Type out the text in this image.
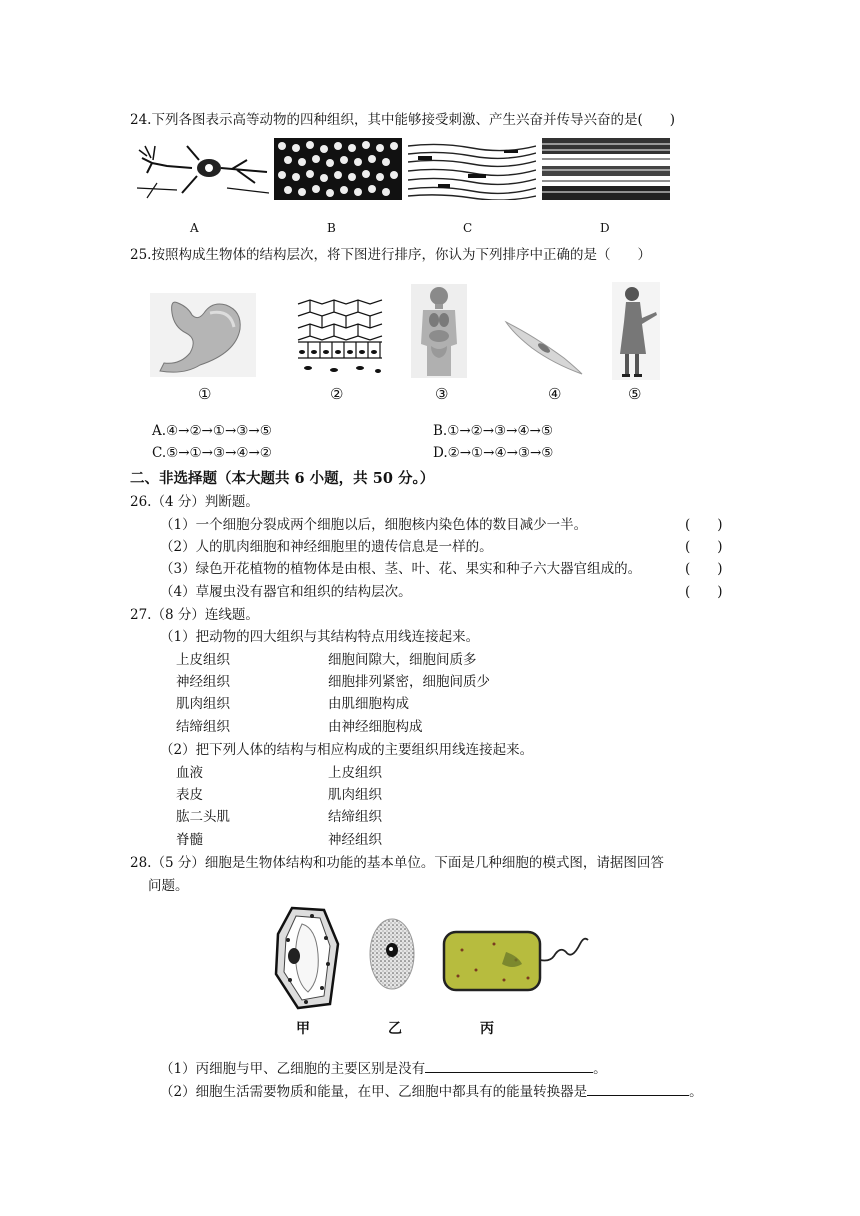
24.下列各图表示高等动物的四种组织，其中能够接受刺激、产生兴奋并传导兴奋的是(　　)
A	B	C	D
25.按照构成生物体的结构层次，将下图进行排序，你认为下列排序中正确的是（　　）
①	②	③	④	⑤
A.④→②→①→③→⑤	B.①→②→③→④→⑤
C.⑤→①→③→④→②	D.②→①→④→③→⑤
二、非选择题（本大题共 6 小题，共 50 分。）
26.（4 分）判断题。
（1）一个细胞分裂成两个细胞以后，细胞核内染色体的数目减少一半。	(　　)
（2）人的肌肉细胞和神经细胞里的遗传信息是一样的。	(　　)
（3）绿色开花植物的植物体是由根、茎、叶、花、果实和种子六大器官组成的。	(　　)
（4）草履虫没有器官和组织的结构层次。	(　　)
27.（8 分）连线题。
（1）把动物的四大组织与其结构特点用线连接起来。
上皮组织	细胞间隙大，细胞间质多
神经组织	细胞排列紧密，细胞间质少
肌肉组织	由肌细胞构成
结缔组织	由神经细胞构成
（2）把下列人体的结构与相应构成的主要组织用线连接起来。
血液	上皮组织
表皮	肌肉组织
肱二头肌	结缔组织
脊髓	神经组织
28.（5 分）细胞是生物体结构和功能的基本单位。下面是几种细胞的模式图，请据图回答
问题。
甲	乙	丙
（1）丙细胞与甲、乙细胞的主要区别是没有	。
（2）细胞生活需要物质和能量，在甲、乙细胞中都具有的能量转换器是	。
